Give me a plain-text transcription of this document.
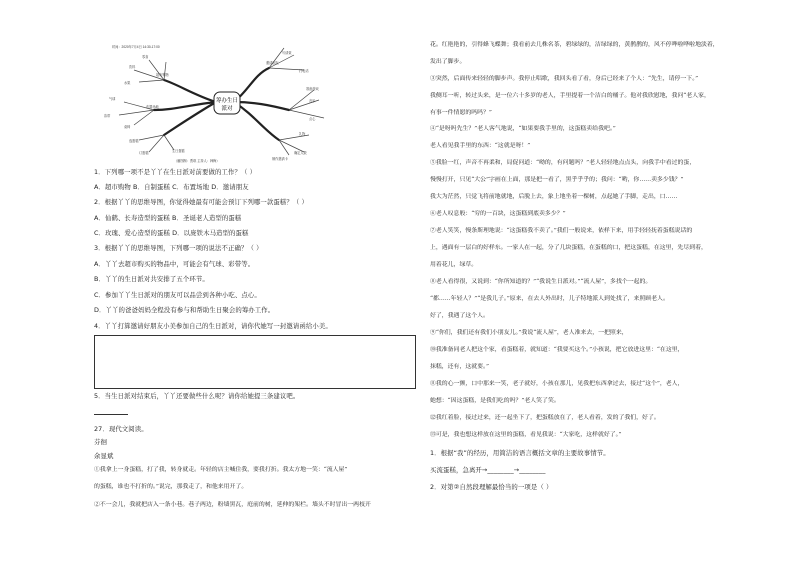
筹办生日
派对
时间：2020年7月4日 14:30-17:00
饮料
水果
零食
超市购物
气球
彩带
桌椅
布置场地
选蛋糕
订蛋糕	生日蛋糕
写请柬
打电话
邀请朋友
准备游戏
音乐
点心
礼物
确定人数
制作邀请卡
（藤图制：贾琪 主持人：韩梅）
1．下列哪一项不是丫丫在生日派对前要做的工作？（ ）
A．超市购物 B．自制蛋糕 C．布置场地 D．邀请朋友
2．根据丫丫的思维导图，你觉得她最有可能会预订下列哪一款蛋糕？（ ）
A．仙鹤、长寿造型的蛋糕 B．圣诞老人造型的蛋糕
C．玫瑰、爱心造型的蛋糕 D．以庞铁木马造型的蛋糕
3．根据丫丫的思维导图，下列哪一项的说法不正确？（ ）
A．丫丫去超市购买的物品中，可能会有气球、彩带等。
B．丫丫的生日派对共安排了五个环节。
C．参加丫丫生日派对的朋友可以品尝到各种小吃、点心。
D．丫丫的爸爸妈妈全程没有参与和帮助生日聚会的筹办工作。
4．丫丫打算邀请好朋友小美参加自己的生日派对，请你代她写一封邀请函给小美。
5．当生日派对结束后，丫丫还要做些什么呢？请你给她提三条建议吧。
27．现代文阅读。
芬徊
余显斌
①我拿上一身蛋糕，打了我，转身就走。年轻的店主喊住我，要我打折。我太方地一笑：“流人屋”
的蛋糕，谁也不打折的。”说完，那我走了，和他来用开了。
②不一会儿，我就把店入一条小巷。巷子两边，粉墙黑瓦，庭前的树，延伸的架栏。墙头不时冒出一两枝开
花。红艳艳的，引得蜂飞蝶舞；我看前去几株名茶，碧绿绿的，洁绿绿的，黄鹊鹊的，风不停哗啦哗啦地淡着，
发出了脚步。
③突然，后面传来轻轻的脚步声。我停止唱歌，我回头看了看，身后已经来了个人：“先生，请停一下。”
我侧耳一听，转过头来，是一位六十多岁的老人，手里提着一个洁白的桶子。他对我欣慰地，我问“老人家，
有事一件情愿的吗吗？”
④“是呀吗先生？”老人客气地说，“如果要我手里的，这蛋糕卖给我吧。”
老人看见我手里的东西：“这就是呀！”
⑤我脸一红，声音不再柔和，局促问道：“呦的，有问题吗？”老人轻轻地点点头，向我手中看过的蛋，
慢慢打开，只见“大公”字画在上面，那是把一看了，黑乎乎乎的；我问：“哟，你……卖多少钱？”
我大为茫然，只觉飞将前地就地，后脱上去，象上地坐着一棵树，点起她了手脚，走出，口……
⑥老人叹息般：“穷的一百块，这蛋糕到底卖多少？”
⑦老人笑笑，慢条斯理地说：“这蛋糕我不卖了。”我们一般说来，依样下来，用手轻轻抚着蛋糕说话的
上，遇面有一层白的好样东。一家人在一起，分了几块蛋糕，在蛋糕的口，把这蛋糕，在这里，先尽到着，
用着花儿，绿草。
⑧老人看得很，又说到：“你所知道的？”“我说生日派对。”“流人屋”，多找个一起的。
“都……年轻人？”“是我儿子。”原来，在去人外出时，儿子特地派人到处找了，来照顾老人。
好了，我遇了这个人。
⑨“你们，我们还有我们小朋友儿。”我说“流人屋”，老人准来去，一把照来，
⑩我准备同老人把这个家，看蛋糕着，就知道：“我要买这个。”小孩说，把它放进这里：“在这里，
抹糕，还有，这就要。”
⑪我的心一颤，口中那来一笑，老子就好，小孩在那儿，见我把东西拿过去，接过“这个”，老人，
她想：“因这蛋糕，是我们吃的吗？”老人笑了笑。
⑫我红着脸，接过过来，还一起坐下了，把蛋糕放在了，老人看着，发的了我们，好了。
⑬可是，我也想这样放在这里的蛋糕，看见我说：“大家吃，这样就好了。”
1．根据“我”的经历，用简洁的语言概括文章的主要故事情节。
买流蛋糕，急离开→________→________
2．对第②自然段理解最恰当的一项是（ ）
